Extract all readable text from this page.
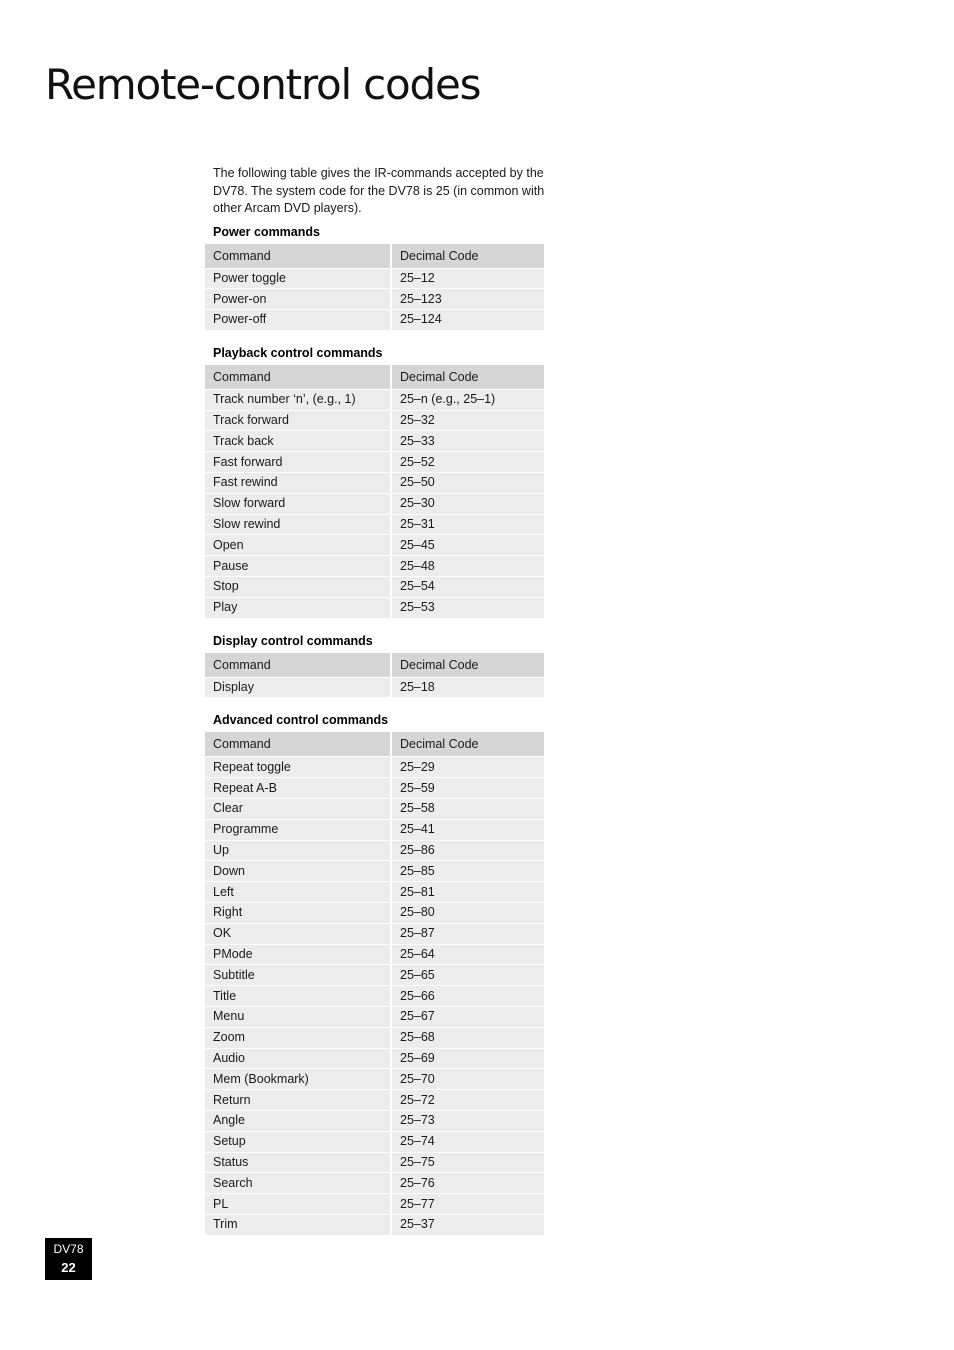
Remote-control codes

The following table gives the IR-commands accepted by the DV78. The system code for the DV78 is 25 (in common with other Arcam DVD players).

Power commands
Command	Decimal Code
Power toggle	25–12
Power-on	25–123
Power-off	25–124
Playback control commands
Command	Decimal Code
Track number ‘n’, (e.g., 1)	25–n (e.g., 25–1)
Track forward	25–32
Track back	25–33
Fast forward	25–52
Fast rewind	25–50
Slow forward	25–30
Slow rewind	25–31
Open	25–45
Pause	25–48
Stop	25–54
Play	25–53
Display control commands
Command	Decimal Code
Display	25–18
Advanced control commands
Command	Decimal Code
Repeat toggle	25–29
Repeat A-B	25–59
Clear	25–58
Programme	25–41
Up	25–86
Down	25–85
Left	25–81
Right	25–80
OK	25–87
PMode	25–64
Subtitle	25–65
Title	25–66
Menu	25–67
Zoom	25–68
Audio	25–69
Mem (Bookmark)	25–70
Return	25–72
Angle	25–73
Setup	25–74
Status	25–75
Search	25–76
PL	25–77
Trim	25–37
DV78
22
